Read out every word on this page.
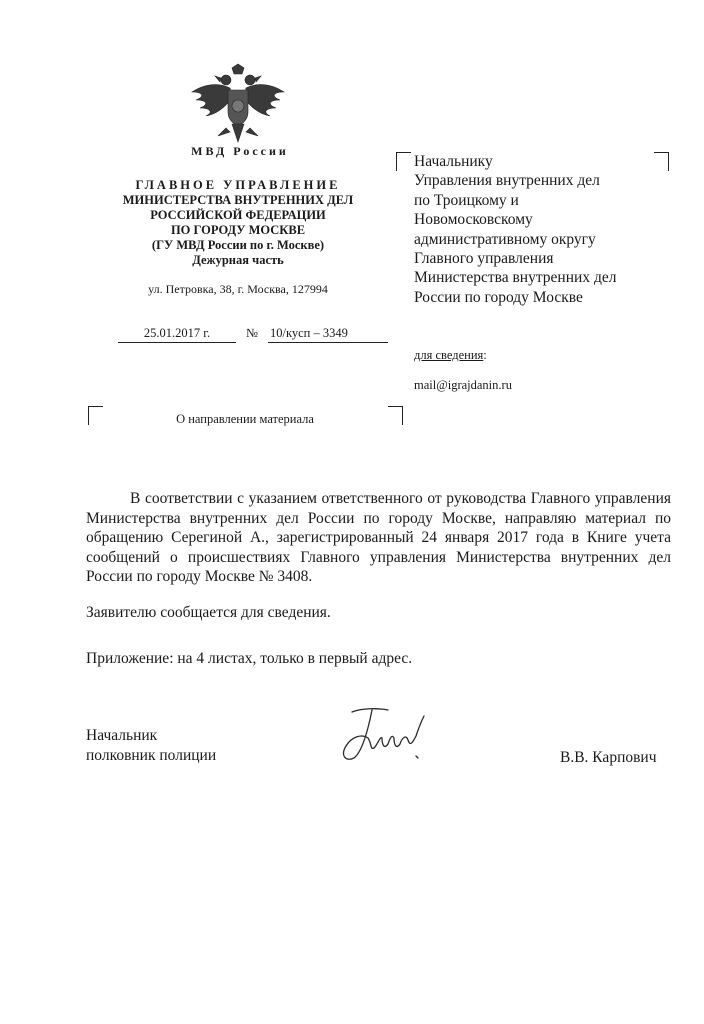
МВД России
ГЛАВНОЕ УПРАВЛЕНИЕ
МИНИСТЕРСТВА ВНУТРЕННИХ ДЕЛ
РОССИЙСКОЙ ФЕДЕРАЦИИ
ПО ГОРОДУ МОСКВЕ
(ГУ МВД России по г. Москве)
Дежурная часть
ул. Петровка, 38, г. Москва, 127994
25.01.2017 г.	№ 10/кусп – 3349
О направлении материала
Начальнику
Управления внутренних дел
по Троицкому и
Новомосковскому
административному округу
Главного управления
Министерства внутренних дел
России по городу Москве
для сведения:
mail@igrajdanin.ru

В соответствии с указанием ответственного от руководства Главного управления Министерства внутренних дел России по городу Москве, направляю материал по обращению Серегиной А., зарегистрированный 24 января 2017 года в Книге учета сообщений о происшествиях Главного управления Министерства внутренних дел России по городу Москве № 3408.

Заявителю сообщается для сведения.
Приложение: на 4 листах, только в первый адрес.
Начальник
полковник полиции	В.В. Карпович
